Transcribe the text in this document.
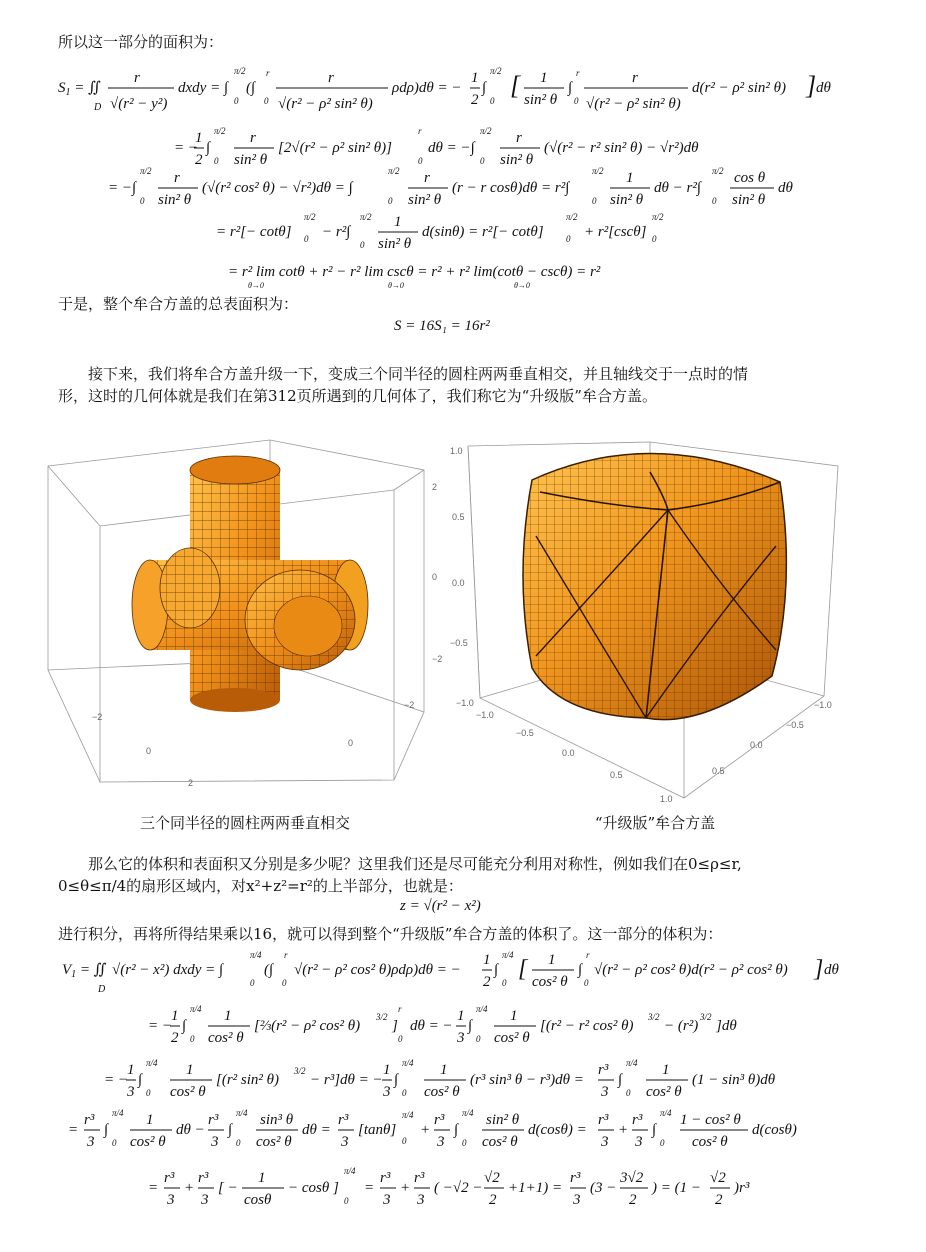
所以这一部分的面积为：
$S_1$ = ∬
D
r
√(r² − y²)
dxdy = ∫
π/2
0
(∫
r
0
r
√(r² − ρ² sin² θ)
ρdρ)dθ = −
1
2
∫
π/2
0
[ 1
sin² θ
∫
r
0
r
√(r² − ρ² sin² θ)
d(r² − ρ² sin² θ) ] dθ
= −
1
2
∫
π/2
0
r
sin² θ
[2√(r² − ρ² sin² θ)]
r
0
dθ = −∫
π/2
0
r
sin² θ
(√(r² − r² sin² θ) − √r²)dθ
= −∫
π/2
0
r
sin² θ
(√(r² cos² θ) − √r²)dθ = ∫
π/2
0
r
sin² θ
(r − r cosθ)dθ = r²∫
π/2
0
1
sin² θ
dθ − r²∫
π/2
0
cos θ
sin² θ
dθ
= r²[− cotθ]
π/2
0 − r²∫
π/2
0
1
sin² θ
d(sinθ) = r²[− cotθ]
π/2
0 + r²[cscθ]
π/2
0
= r² lim cotθ + r² − r² lim cscθ = r² + r² lim(cotθ − cscθ) = r²
θ→0	θ→0	θ→0
于是，整个牟合方盖的总表面积为：
S = 16S₁ = 16r²
接下来，我们将牟合方盖升级一下，变成三个同半径的圆柱两两垂直相交，并且轴线交于一点时的情
形，这时的几何体就是我们在第312页所遇到的几何体了，我们称它为“升级版”牟合方盖。
2
0
−2
−2
0
2
−2
0
1.0
0.5
0.0
−0.5
−1.0
−1.0
−0.5
0.0
0.5
1.0
−1.0
−0.5
0.0
0.5
三个同半径的圆柱两两垂直相交	“升级版”牟合方盖
那么它的体积和表面积又分别是多少呢？这里我们还是尽可能充分利用对称性，例如我们在0≤ρ≤r,
0≤θ≤π/4的扇形区域内，对x²+z²=r²的上半部分，也就是：
z = √(r² − x²)
进行积分，再将所得结果乘以16，就可以得到整个“升级版”牟合方盖的体积了。这一部分的体积为：
$V_1$ = ∬
D
√(r² − x²) dxdy = ∫
π/4
0
(∫
r
0
√(r² − ρ² cos² θ)ρdρ)dθ = −
1
2
∫
π/4
0
[ 1
cos² θ
∫
r
0
√(r² − ρ² cos² θ)d(r² − ρ² cos² θ) ] dθ
= −
1
2
∫
π/4
0
1
cos² θ
[⅔(r² − ρ² cos² θ)
3/2
]
r
0
dθ = −
1
3
∫
π/4
0
1
cos² θ
[(r² − r² cos² θ)
3/2
− (r²)
3/2
]dθ
= −
1
3
∫
π/4
0
1
cos² θ
[(r² sin² θ)
3/2
− r³]dθ = −
1
3
∫
π/4
0
1
cos² θ
(r³ sin³ θ − r³)dθ =
r³
3
∫
π/4
0
1
cos² θ
(1 − sin³ θ)dθ
=
r³
3
∫
π/4
0
1
cos² θ
dθ −
r³
3
∫
π/4
0
sin³ θ
cos² θ
dθ =
r³
3
[tanθ]
π/4
0
+
r³
3
∫
π/4
0
sin² θ
cos² θ
d(cosθ) =
r³
3
+
r³
3
∫
π/4
0
1 − cos² θ
cos² θ
d(cosθ)
=
r³
3
+
r³
3
[ −
1
cosθ
− cosθ ]
π/4
0
=
r³
3
+
r³
3
( −√2 −
√2
2
+1+1) =
r³
3
(3 −
3√2
2
) = (1 −
√2
2
)r³
